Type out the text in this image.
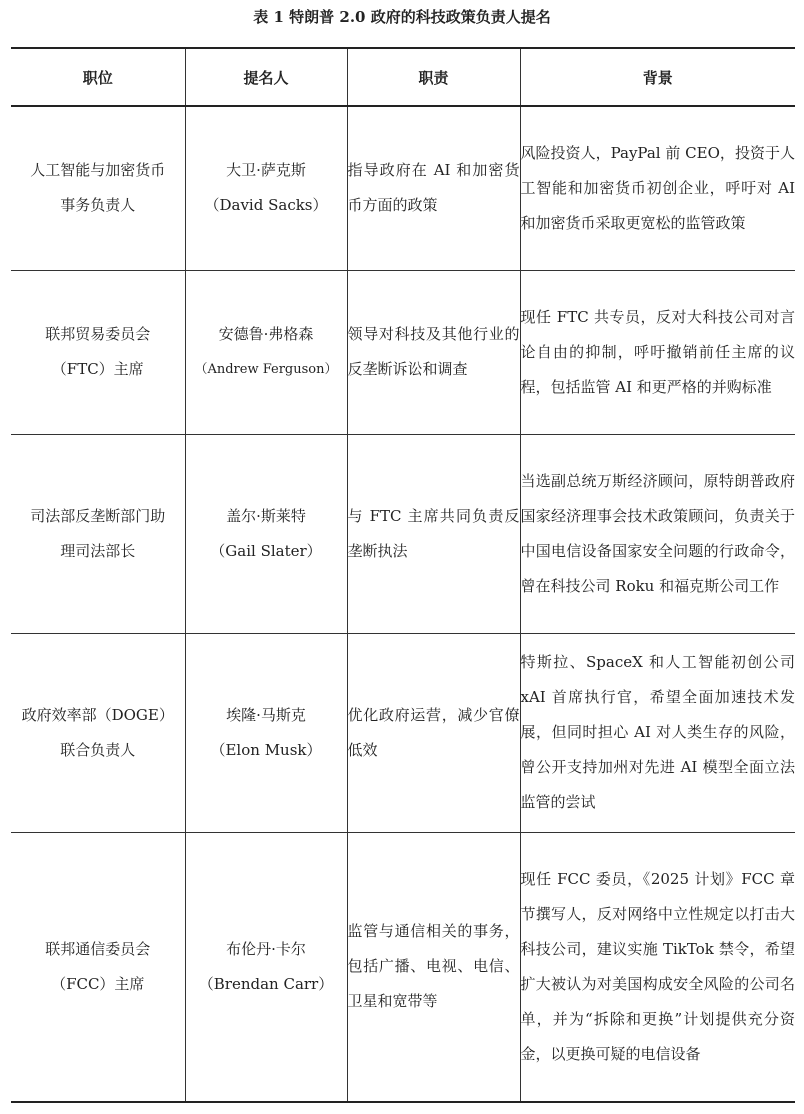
表 1 特朗普 2.0 政府的科技政策负责人提名
职位	提名人	职责	背景

人工智能与加密货币
事务负责人	大卫·萨克斯
（David Sacks）	指导政府在 AI 和加密货币方面的政策	风险投资人，PayPal 前 CEO，投资于人工智能和加密货币初创企业，呼吁对 AI 和加密货币采取更宽松的监管政策

联邦贸易委员会
（FTC）主席	安德鲁·弗格森
（Andrew Ferguson）	领导对科技及其他行业的反垄断诉讼和调查	现任 FTC 共专员，反对大科技公司对言论自由的抑制，呼吁撤销前任主席的议程，包括监管 AI 和更严格的并购标准

司法部反垄断部门助
理司法部长	盖尔·斯莱特
（Gail Slater）	与 FTC 主席共同负责反垄断执法	当选副总统万斯经济顾问，原特朗普政府国家经济理事会技术政策顾问，负责关于中国电信设备国家安全问题的行政命令，曾在科技公司 Roku 和福克斯公司工作

政府效率部（DOGE）
联合负责人	埃隆·马斯克
（Elon Musk）	优化政府运营，减少官僚低效	特斯拉、SpaceX 和人工智能初创公司 xAI 首席执行官，希望全面加速技术发展，但同时担心 AI 对人类生存的风险，曾公开支持加州对先进 AI 模型全面立法监管的尝试

联邦通信委员会
（FCC）主席	布伦丹·卡尔
（Brendan Carr）	监管与通信相关的事务，包括广播、电视、电信、卫星和宽带等	现任 FCC 委员，《2025 计划》FCC 章节撰写人，反对网络中立性规定以打击大科技公司，建议实施 TikTok 禁令，希望扩大被认为对美国构成安全风险的公司名单，并为“拆除和更换”计划提供充分资金，以更换可疑的电信设备
